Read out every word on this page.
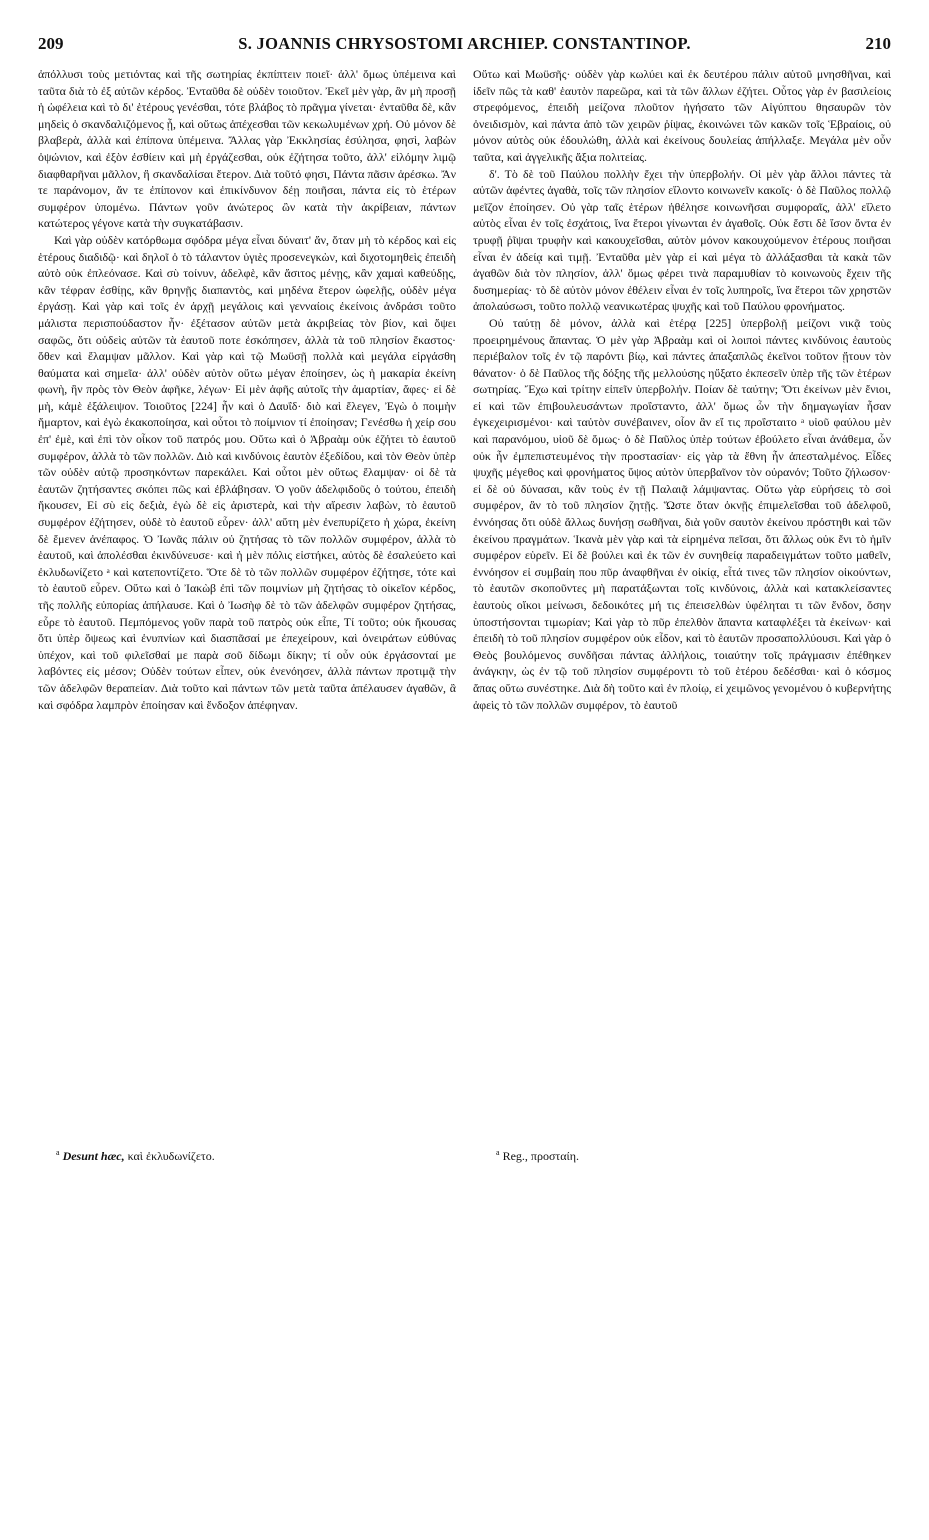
209	S. JOANNIS CHRYSOSTOMI ARCHIEP. CONSTANTINOP.	210

ἀπόλλυσι τοὺς μετιόντας καὶ τῆς σωτηρίας ἐκπίπτειν ποιεῖ· ἀλλ' ὅμως ὑπέμεινα καὶ ταῦτα διὰ τὸ ἐξ αὐτῶν κέρδος. Ἐνταῦθα δὲ οὐδὲν τοιοῦτον. Ἐκεῖ μὲν γὰρ, ἂν μὴ προσῇ ἡ ὠφέλεια καὶ τὸ δι' ἑτέρους γενέσθαι, τότε βλάβος τὸ πρᾶγμα γίνεται· ἐνταῦθα δὲ, κἂν μηδεὶς ὁ σκανδαλιζόμενος ᾖ, καὶ οὕτως ἀπέχεσθαι τῶν κεκωλυμένων χρή. Οὐ μόνον δὲ βλαβερὰ, ἀλλὰ καὶ ἐπίπονα ὑπέμεινα. Ἄλλας γὰρ Ἐκκλησίας ἐσύλησα, φησὶ, λαβὼν ὀψώνιον, καὶ ἐξὸν ἐσθίειν καὶ μὴ ἐργάζεσθαι, οὐκ ἐζήτησα τοῦτο, ἀλλ' εἱλόμην λιμῷ διαφθαρῆναι μᾶλλον, ἢ σκανδαλίσαι ἕτερον. Διὰ τοῦτό φησι, Πάντα πᾶσιν ἀρέσκω. Ἄν τε παράνομον, ἄν τε ἐπίπονον καὶ ἐπικίνδυνον δέῃ ποιῆσαι, πάντα εἰς τὸ ἑτέρων συμφέρον ὑπομένω. Πάντων γοῦν ἀνώτερος ὢν κατὰ τὴν ἀκρίβειαν, πάντων κατώτερος γέγονε κατὰ τὴν συγκατάβασιν.

Καὶ γὰρ οὐδὲν κατόρθωμα σφόδρα μέγα εἶναι δύναιτ' ἄν, ὅταν μὴ τὸ κέρδος καὶ εἰς ἑτέρους διαδιδῷ· καὶ δηλοῖ ὁ τὸ τάλαντον ὑγιὲς προσενεγκὼν, καὶ διχοτομηθεὶς ἐπειδὴ αὐτὸ οὐκ ἐπλεόνασε. Καὶ σὺ τοίνυν, ἀδελφὲ, κἂν ἄσιτος μένῃς, κἂν χαμαὶ καθεύδῃς, κἂν τέφραν ἐσθίῃς, κἂν θρηνῇς διαπαντὸς, καὶ μηδένα ἕτερον ὠφελῇς, οὐδὲν μέγα ἐργάσῃ. Καὶ γὰρ καὶ τοῖς ἐν ἀρχῇ μεγάλοις καὶ γενναίοις ἐκείνοις ἀνδράσι τοῦτο μάλιστα περισπούδαστον ἦν· ἐξέτασον αὐτῶν μετὰ ἀκριβείας τὸν βίον, καὶ ὄψει σαφῶς, ὅτι οὐδεὶς αὐτῶν τὰ ἑαυτοῦ ποτε ἐσκόπησεν, ἀλλὰ τὰ τοῦ πλησίον ἕκαστος· ὅθεν καὶ ἔλαμψαν μᾶλλον. Καὶ γὰρ καὶ τῷ Μωϋσῇ πολλὰ καὶ μεγάλα εἰργάσθη θαύματα καὶ σημεῖα· ἀλλ' οὐδὲν αὐτὸν οὕτω μέγαν ἐποίησεν, ὡς ἡ μακαρία ἐκείνη φωνὴ, ἣν πρὸς τὸν Θεὸν ἀφῆκε, λέγων· Εἰ μὲν ἀφῆς αὐτοῖς τὴν ἁμαρτίαν, ἄφες· εἰ δὲ μὴ, κἀμὲ ἐξάλειψον. Τοιοῦτος [224] ἦν καὶ ὁ Δαυΐδ· διὸ καὶ ἔλεγεν, Ἐγὼ ὁ ποιμὴν ἥμαρτον, καὶ ἐγὼ ἐκακοποίησα, καὶ οὗτοι τὸ ποίμνιον τί ἐποίησαν; Γενέσθω ἡ χείρ σου ἐπ' ἐμὲ, καὶ ἐπὶ τὸν οἶκον τοῦ πατρός μου. Οὕτω καὶ ὁ Ἀβραὰμ οὐκ ἐζήτει τὸ ἑαυτοῦ συμφέρον, ἀλλὰ τὸ τῶν πολλῶν. Διὸ καὶ κινδύνοις ἑαυτὸν ἐξεδίδου, καὶ τὸν Θεὸν ὑπὲρ τῶν οὐδὲν αὐτῷ προσηκόντων παρεκάλει. Καὶ οὗτοι μὲν οὕτως ἔλαμψαν· οἱ δὲ τὰ ἑαυτῶν ζητήσαντες σκόπει πῶς καὶ ἐβλάβησαν. Ὁ γοῦν ἀδελφιδοῦς ὁ τούτου, ἐπειδὴ ἤκουσεν, Εἰ σὺ εἰς δεξιὰ, ἐγὼ δὲ εἰς ἀριστερὰ, καὶ τὴν αἵρεσιν λαβὼν, τὸ ἑαυτοῦ συμφέρον ἐζήτησεν, οὐδὲ τὸ ἑαυτοῦ εὗρεν· ἀλλ' αὕτη μὲν ἐνεπυρίζετο ἡ χώρα, ἐκείνη δὲ ἔμενεν ἀνέπαφος. Ὁ Ἰωνᾶς πάλιν οὐ ζητήσας τὸ τῶν πολλῶν συμφέρον, ἀλλὰ τὸ ἑαυτοῦ, καὶ ἀπολέσθαι ἐκινδύνευσε· καὶ ἡ μὲν πόλις εἱστήκει, αὐτὸς δὲ ἐσαλεύετο καὶ ἐκλυδωνίζετο ᵃ καὶ κατεποντίζετο. Ὅτε δὲ τὸ τῶν πολλῶν συμφέρον ἐζήτησε, τότε καὶ τὸ ἑαυτοῦ εὗρεν. Οὕτω καὶ ὁ Ἰακὼβ ἐπὶ τῶν ποιμνίων μὴ ζητήσας τὸ οἰκεῖον κέρδος, τῆς πολλῆς εὐπορίας ἀπήλαυσε. Καὶ ὁ Ἰωσὴφ δὲ τὸ τῶν ἀδελφῶν συμφέρον ζητήσας, εὗρε τὸ ἑαυτοῦ. Πεμπόμενος γοῦν παρὰ τοῦ πατρὸς οὐκ εἶπε, Τί τοῦτο; οὐκ ἤκουσας ὅτι ὑπὲρ ὄψεως καὶ ἐνυπνίων καὶ διασπᾶσαί με ἐπεχείρουν, καὶ ὀνειράτων εὐθύνας ὑπέχον, καὶ τοῦ φιλεῖσθαί με παρὰ σοῦ δίδωμι δίκην; τί οὖν οὐκ ἐργάσονταί με λαβόντες εἰς μέσον; Οὐδὲν τούτων εἶπεν, οὐκ ἐνενόησεν, ἀλλὰ πάντων προτιμᾷ τὴν τῶν ἀδελφῶν θεραπείαν. Διὰ τοῦτο καὶ πάντων τῶν μετὰ ταῦτα ἀπέλαυσεν ἀγαθῶν, ἃ καὶ σφόδρα λαμπρὸν ἐποίησαν καὶ ἔνδοξον ἀπέφηναν.

Οὕτω καὶ Μωϋσῆς· οὐδὲν γὰρ κωλύει καὶ ἐκ δευτέρου πάλιν αὐτοῦ μνησθῆναι, καὶ ἰδεῖν πῶς τὰ καθ' ἑαυτὸν παρεῶρα, καὶ τὰ τῶν ἄλλων ἐζήτει. Οὗτος γὰρ ἐν βασιλείοις στρεφόμενος, ἐπειδὴ μείζονα πλοῦτον ἡγήσατο τῶν Αἰγύπτου θησαυρῶν τὸν ὀνειδισμὸν, καὶ πάντα ἀπὸ τῶν χειρῶν ῥίψας, ἐκοινώνει τῶν κακῶν τοῖς Ἑβραίοις, οὐ μόνον αὐτὸς οὐκ ἐδουλώθη, ἀλλὰ καὶ ἐκείνους δουλείας ἀπήλλαξε. Μεγάλα μὲν οὖν ταῦτα, καὶ ἀγγελικῆς ἄξια πολιτείας.

δ'. Τὸ δὲ τοῦ Παύλου πολλὴν ἔχει τὴν ὑπερβολήν. Οἱ μὲν γὰρ ἄλλοι πάντες τὰ αὐτῶν ἀφέντες ἀγαθὰ, τοῖς τῶν πλησίον εἵλοντο κοινωνεῖν κακοῖς· ὁ δὲ Παῦλος πολλῷ μεῖζον ἐποίησεν. Οὐ γὰρ ταῖς ἑτέρων ἠθέλησε κοινωνῆσαι συμφοραῖς, ἀλλ' εἵλετο αὐτὸς εἶναι ἐν τοῖς ἐσχάτοις, ἵνα ἕτεροι γίνωνται ἐν ἀγαθοῖς. Οὐκ ἔστι δὲ ἴσον ὄντα ἐν τρυφῇ ῥῖψαι τρυφὴν καὶ κακουχεῖσθαι, αὐτὸν μόνον κακουχούμενον ἑτέρους ποιῆσαι εἶναι ἐν ἀδείᾳ καὶ τιμῇ. Ἐνταῦθα μὲν γὰρ εἰ καὶ μέγα τὸ ἀλλάξασθαι τὰ κακὰ τῶν ἀγαθῶν διὰ τὸν πλησίον, ἀλλ' ὅμως φέρει τινὰ παραμυθίαν τὸ κοινωνοὺς ἔχειν τῆς δυσημερίας· τὸ δὲ αὐτὸν μόνον ἐθέλειν εἶναι ἐν τοῖς λυπηροῖς, ἵνα ἕτεροι τῶν χρηστῶν ἀπολαύσωσι, τοῦτο πολλῷ νεανικωτέρας ψυχῆς καὶ τοῦ Παύλου φρονήματος.

Οὐ ταύτῃ δὲ μόνον, ἀλλὰ καὶ ἑτέρᾳ [225] ὑπερβολῇ μείζονι νικᾷ τοὺς προειρημένους ἅπαντας. Ὁ μὲν γὰρ Ἀβραὰμ καὶ οἱ λοιποὶ πάντες κινδύνοις ἑαυτοὺς περιέβαλον τοῖς ἐν τῷ παρόντι βίῳ, καὶ πάντες ἀπαξαπλῶς ἐκεῖνοι τοῦτον ᾔτουν τὸν θάνατον· ὁ δὲ Παῦλος τῆς δόξης τῆς μελλούσης ηὔξατο ἐκπεσεῖν ὑπὲρ τῆς τῶν ἑτέρων σωτηρίας. Ἔχω καὶ τρίτην εἰπεῖν ὑπερβολήν. Ποίαν δὲ ταύτην; Ὅτι ἐκείνων μὲν ἔνιοι, εἰ καὶ τῶν ἐπιβουλευσάντων προΐσταντο, ἀλλ' ὅμως ὧν τὴν δημαγωγίαν ἦσαν ἐγκεχειρισμένοι· καὶ ταὐτὸν συνέβαινεν, οἷον ἂν εἴ τις προΐσταιτο ᵃ υἱοῦ φαύλου μὲν καὶ παρανόμου, υἱοῦ δὲ ὅμως· ὁ δὲ Παῦλος ὑπὲρ τούτων ἐβούλετο εἶναι ἀνάθεμα, ὧν οὐκ ἦν ἐμπεπιστευμένος τὴν προστασίαν· εἰς γὰρ τὰ ἔθνη ἦν ἀπεσταλμένος. Εἶδες ψυχῆς μέγεθος καὶ φρονήματος ὕψος αὐτὸν ὑπερβαῖνον τὸν οὐρανόν; Τοῦτο ζήλωσον· εἰ δὲ οὐ δύνασαι, κἂν τοὺς ἐν τῇ Παλαιᾷ λάμψαντας. Οὕτω γὰρ εὑρήσεις τὸ σοὶ συμφέρον, ἂν τὸ τοῦ πλησίον ζητῇς. Ὥστε ὅταν ὀκνῇς ἐπιμελεῖσθαι τοῦ ἀδελφοῦ, ἐννόησας ὅτι οὐδὲ ἄλλως δυνήσῃ σωθῆναι, διὰ γοῦν σαυτὸν ἐκείνου πρόστηθι καὶ τῶν ἐκείνου πραγμάτων. Ἱκανὰ μὲν γὰρ καὶ τὰ εἰρημένα πεῖσαι, ὅτι ἄλλως οὐκ ἔνι τὸ ἡμῖν συμφέρον εὑρεῖν. Εἰ δὲ βούλει καὶ ἐκ τῶν ἐν συνηθείᾳ παραδειγμάτων τοῦτο μαθεῖν, ἐννόησον εἰ συμβαίη που πῦρ ἀναφθῆναι ἐν οἰκίᾳ, εἶτά τινες τῶν πλησίον οἰκούντων, τὸ ἑαυτῶν σκοποῦντες μὴ παρατάξωνται τοῖς κινδύνοις, ἀλλὰ καὶ κατακλείσαντες ἑαυτοὺς οἴκοι μείνωσι, δεδοικότες μή τις ἐπεισελθὼν ὑφέληται τι τῶν ἔνδον, ὅσην ὑποστήσονται τιμωρίαν; Καὶ γὰρ τὸ πῦρ ἐπελθὸν ἅπαντα καταφλέξει τὰ ἐκείνων· καὶ ἐπειδὴ τὸ τοῦ πλησίον συμφέρον οὐκ εἶδον, καὶ τὸ ἑαυτῶν προσαπολλύουσι. Καὶ γὰρ ὁ Θεὸς βουλόμενος συνδῆσαι πάντας ἀλλήλοις, τοιαύτην τοῖς πράγμασιν ἐπέθηκεν ἀνάγκην, ὡς ἐν τῷ τοῦ πλησίον συμφέροντι τὸ τοῦ ἑτέρου δεδέσθαι· καὶ ὁ κόσμος ἅπας οὕτω συνέστηκε. Διὰ δὴ τοῦτο καὶ ἐν πλοίῳ, εἰ χειμῶνος γενομένου ὁ κυβερνήτης ἀφεὶς τὸ τῶν πολλῶν συμφέρον, τὸ ἑαυτοῦ

$^a$ Desunt hæc, καὶ ἐκλυδωνίζετο.	$^a$ Reg., προσταίη.
